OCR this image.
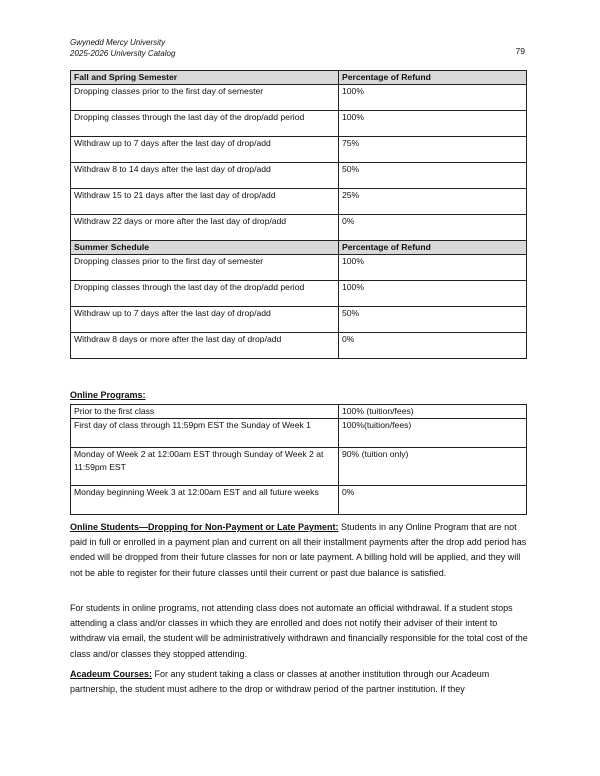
Gwynedd Mercy University
2025-2026 University Catalog	79
Fall and Spring Semester	Percentage of Refund
Dropping classes prior to the first day of semester	100%
Dropping classes through the last day of the drop/add period	100%
Withdraw up to 7 days after the last day of drop/add	75%
Withdraw 8 to 14 days after the last day of drop/add	50%
Withdraw 15 to 21 days after the last day of drop/add	25%
Withdraw 22 days or more after the last day of drop/add	0%
Summer Schedule	Percentage of Refund
Dropping classes prior to the first day of semester	100%
Dropping classes through the last day of the drop/add period	100%
Withdraw up to 7 days after the last day of drop/add	50%
Withdraw 8 days or more after the last day of drop/add	0%
Online Programs:
Prior to the first class	100% (tuition/fees)
First day of class through 11:59pm EST the Sunday of Week 1	100%(tuition/fees)
Monday of Week 2 at 12:00am EST through Sunday of Week 2 at 11:59pm EST	90% (tuition only)
Monday beginning Week 3 at 12:00am EST and all future weeks	0%
Online Students—Dropping for Non-Payment or Late Payment: Students in any Online Program that are not paid in full or enrolled in a payment plan and current on all their installment payments after the drop add period has ended will be dropped from their future classes for non or late payment. A billing hold will be applied, and they will not be able to register for their future classes until their current or past due balance is satisfied.
For students in online programs, not attending class does not automate an official withdrawal. If a student stops attending a class and/or classes in which they are enrolled and does not notify their adviser of their intent to withdraw via email, the student will be administratively withdrawn and financially responsible for the total cost of the class and/or classes they stopped attending.
Acadeum Courses: For any student taking a class or classes at another institution through our Acadeum partnership, the student must adhere to the drop or withdraw period of the partner institution. If they
